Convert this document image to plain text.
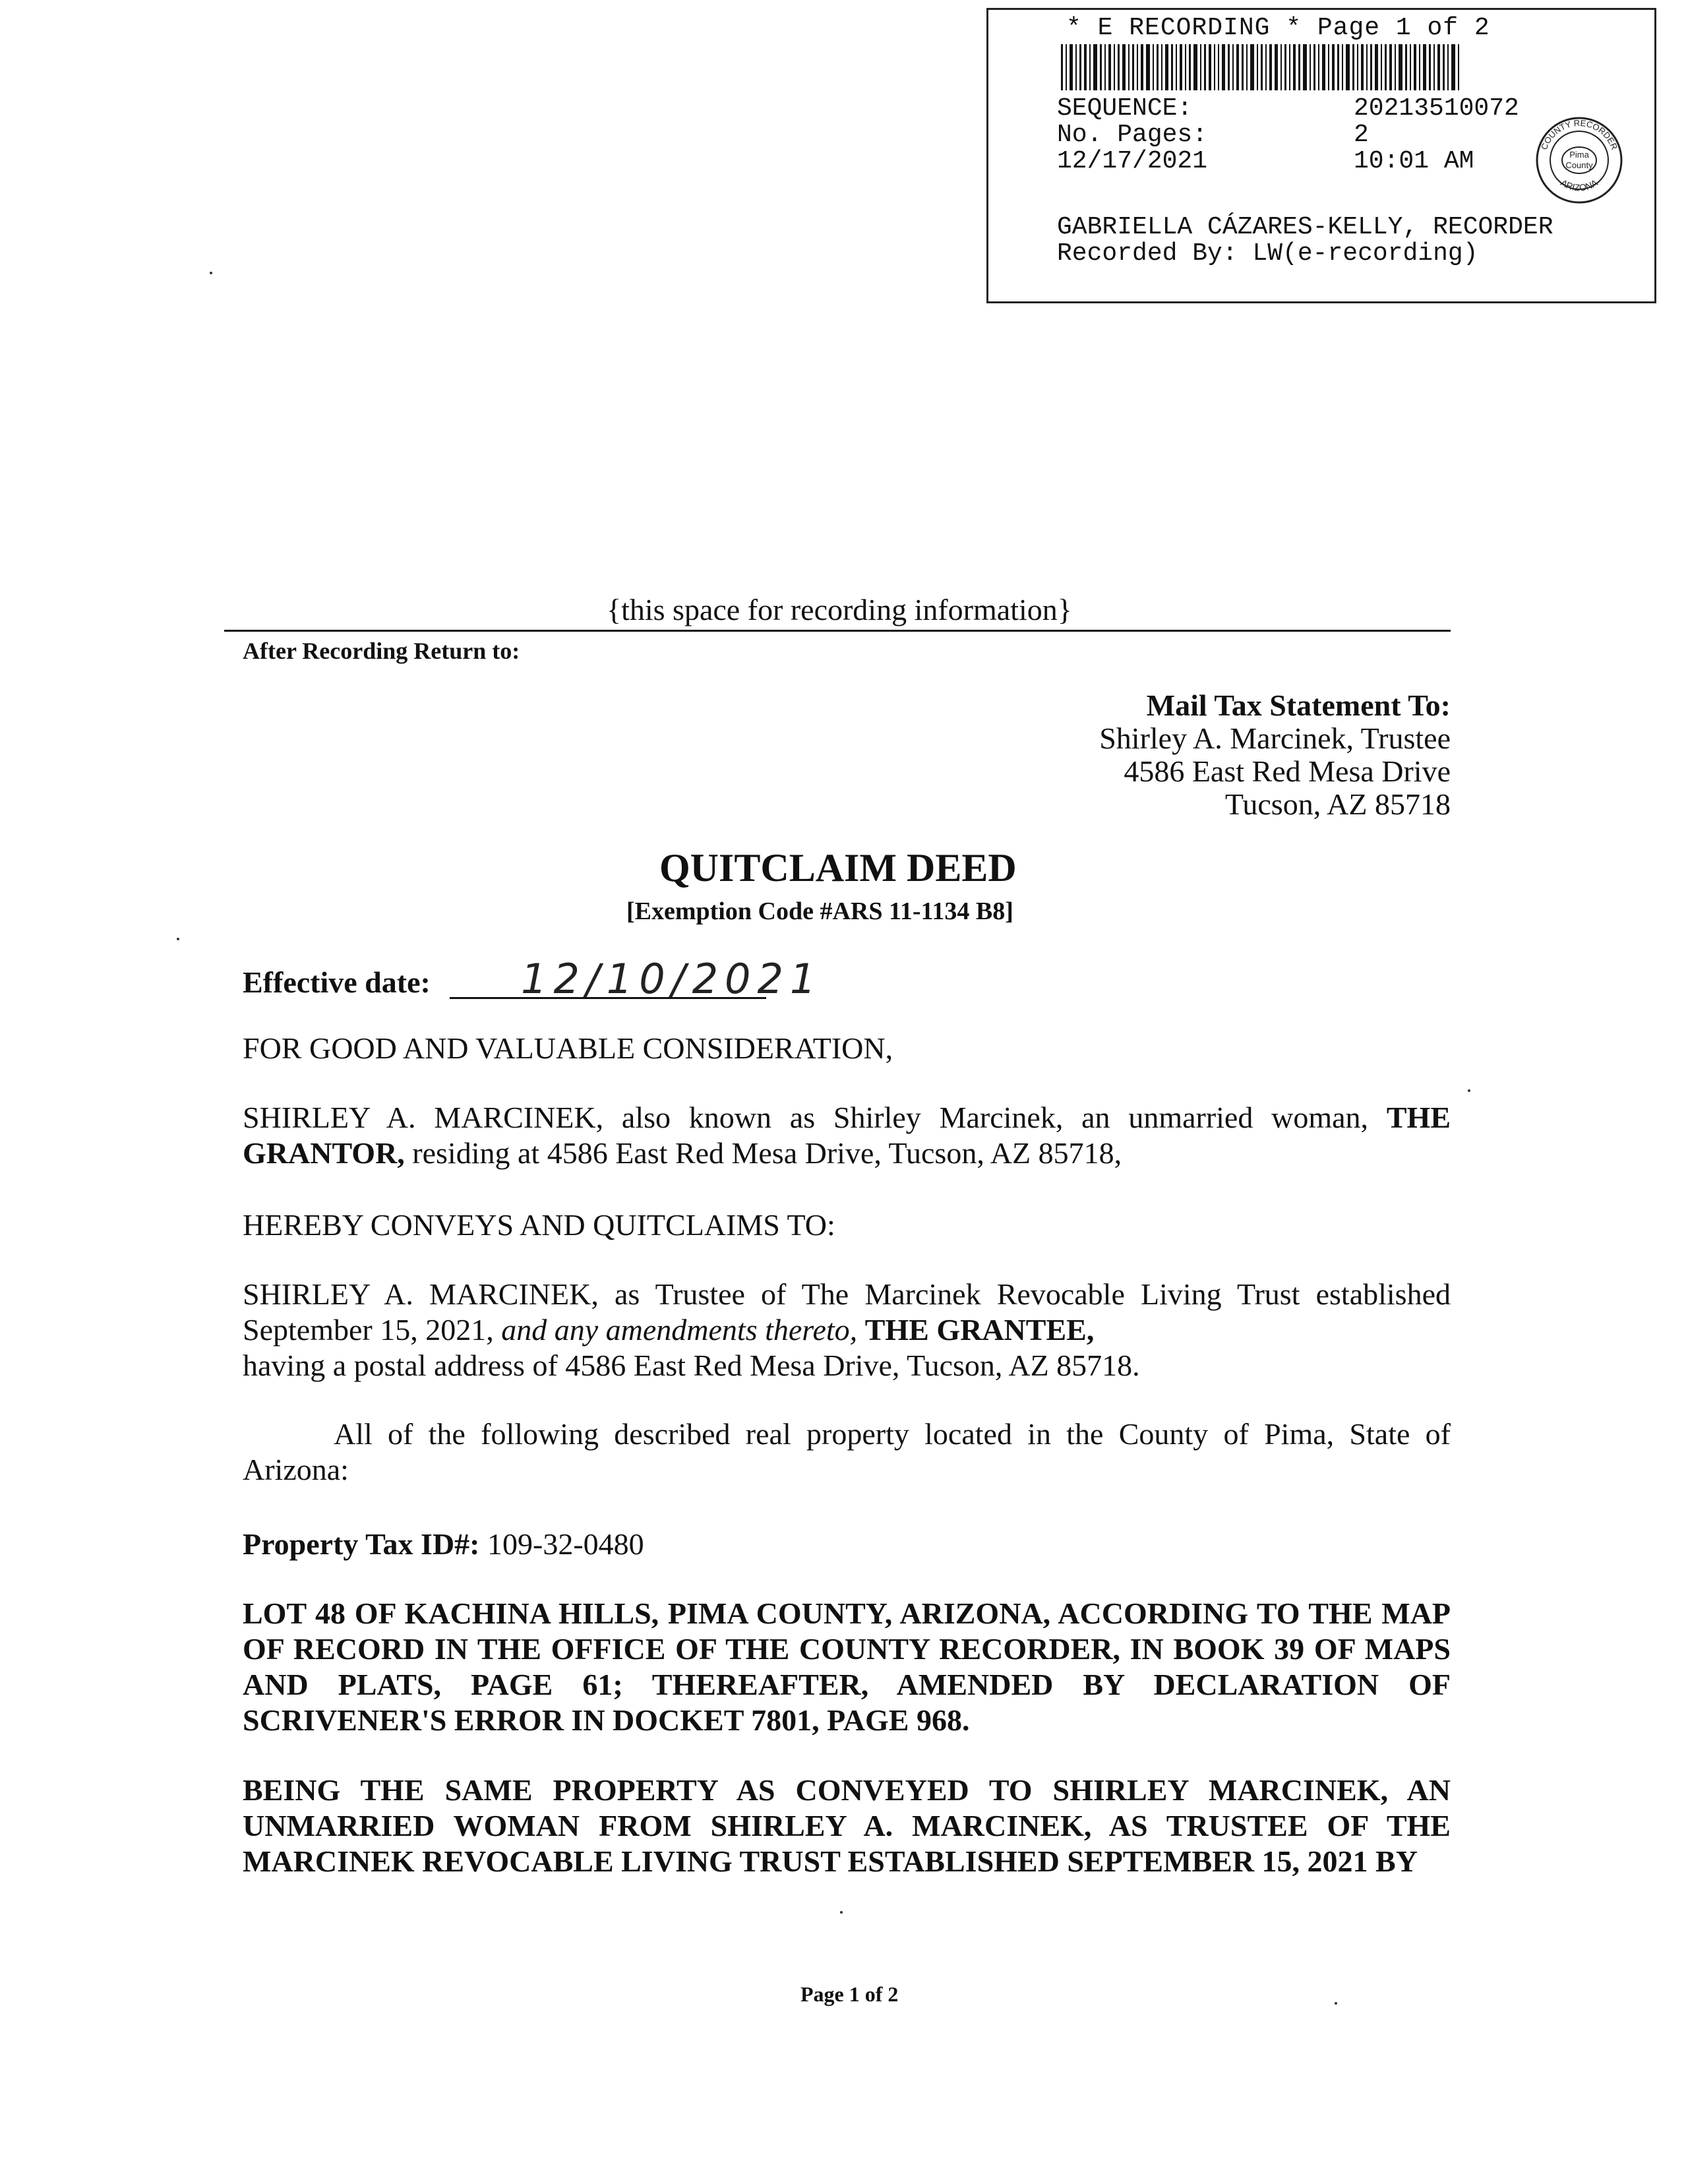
* E RECORDING * Page 1 of 2
SEQUENCE:	20213510072
No. Pages:	2
12/17/2021	10:01 AM
COUNTY RECORDER
ARIZONA
Pima
County
GABRIELLA CÁZARES-KELLY, RECORDER
Recorded By: LW(e-recording)
{this space for recording information}
After Recording Return to:
Mail Tax Statement To:
Shirley A. Marcinek, Trustee
4586 East Red Mesa Drive
Tucson, AZ 85718
QUITCLAIM DEED
[Exemption Code #ARS 11-1134 B8]
Effective date: 12/10/2021
FOR GOOD AND VALUABLE CONSIDERATION,
SHIRLEY A. MARCINEK, also known as Shirley Marcinek, an unmarried woman, THE GRANTOR, residing at 4586 East Red Mesa Drive, Tucson, AZ 85718,
HEREBY CONVEYS AND QUITCLAIMS TO:
SHIRLEY A. MARCINEK, as Trustee of The Marcinek Revocable Living Trust established September 15, 2021, and any amendments thereto, THE GRANTEE,
having a postal address of 4586 East Red Mesa Drive, Tucson, AZ 85718.
All of the following described real property located in the County of Pima, State of Arizona:
Property Tax ID#: 109-32-0480
LOT 48 OF KACHINA HILLS, PIMA COUNTY, ARIZONA, ACCORDING TO THE MAP OF RECORD IN THE OFFICE OF THE COUNTY RECORDER, IN BOOK 39 OF MAPS AND PLATS, PAGE 61; THEREAFTER, AMENDED BY DECLARATION OF SCRIVENER'S ERROR IN DOCKET 7801, PAGE 968.
BEING THE SAME PROPERTY AS CONVEYED TO SHIRLEY MARCINEK, AN UNMARRIED WOMAN FROM SHIRLEY A. MARCINEK, AS TRUSTEE OF THE MARCINEK REVOCABLE LIVING TRUST ESTABLISHED SEPTEMBER 15, 2021 BY
Page 1 of 2
